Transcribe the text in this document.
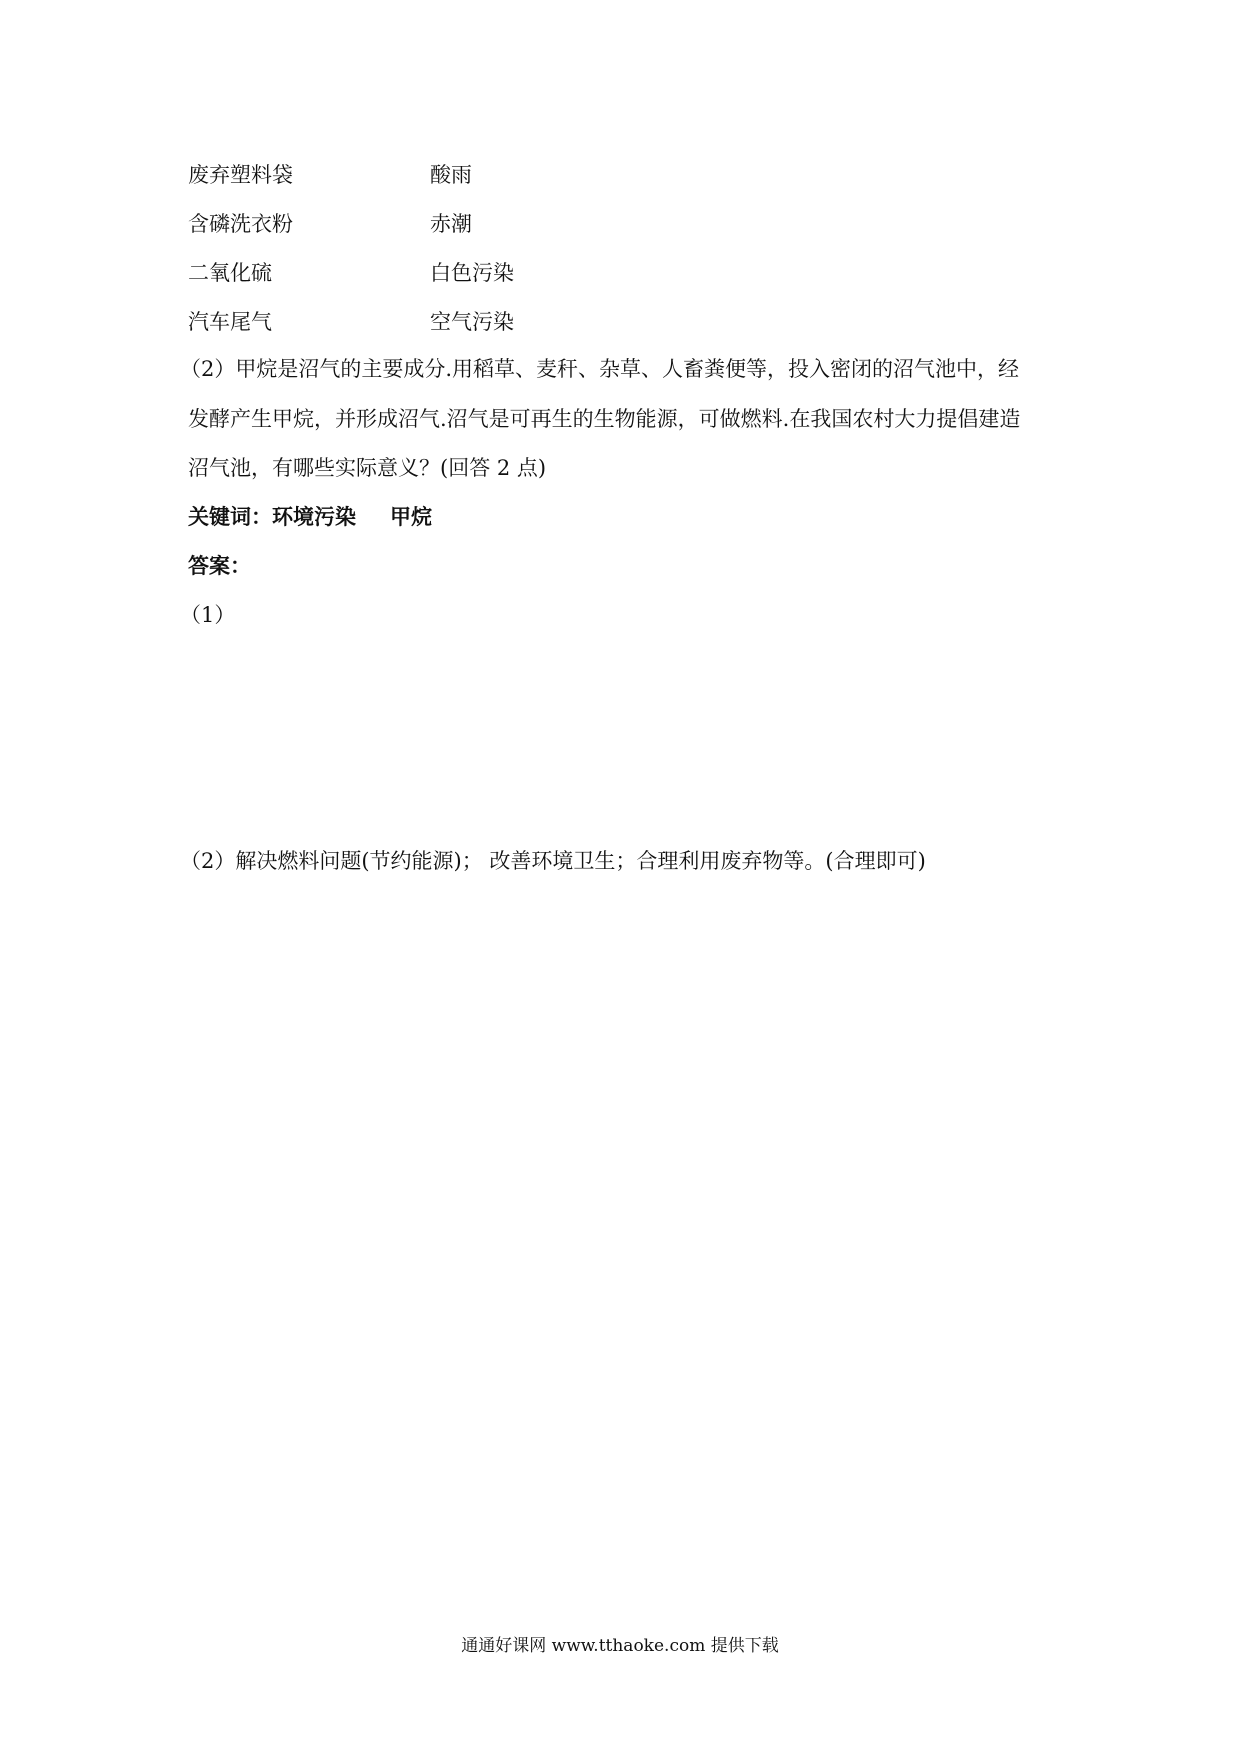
废弃塑料袋	酸雨
含磷洗衣粉	赤潮
二氧化硫	白色污染
汽车尾气	空气污染
（2）甲烷是沼气的主要成分.用稻草、麦秆、杂草、人畜粪便等，投入密闭的沼气池中，经
发酵产生甲烷，并形成沼气.沼气是可再生的生物能源，可做燃料.在我国农村大力提倡建造
沼气池，有哪些实际意义？(回答 2 点)
关键词：环境污染 甲烷
答案：
（1）
（2）解决燃料问题(节约能源)； 改善环境卫生；合理利用废弃物等。(合理即可)
通通好课网 www.tthaoke.com 提供下载
